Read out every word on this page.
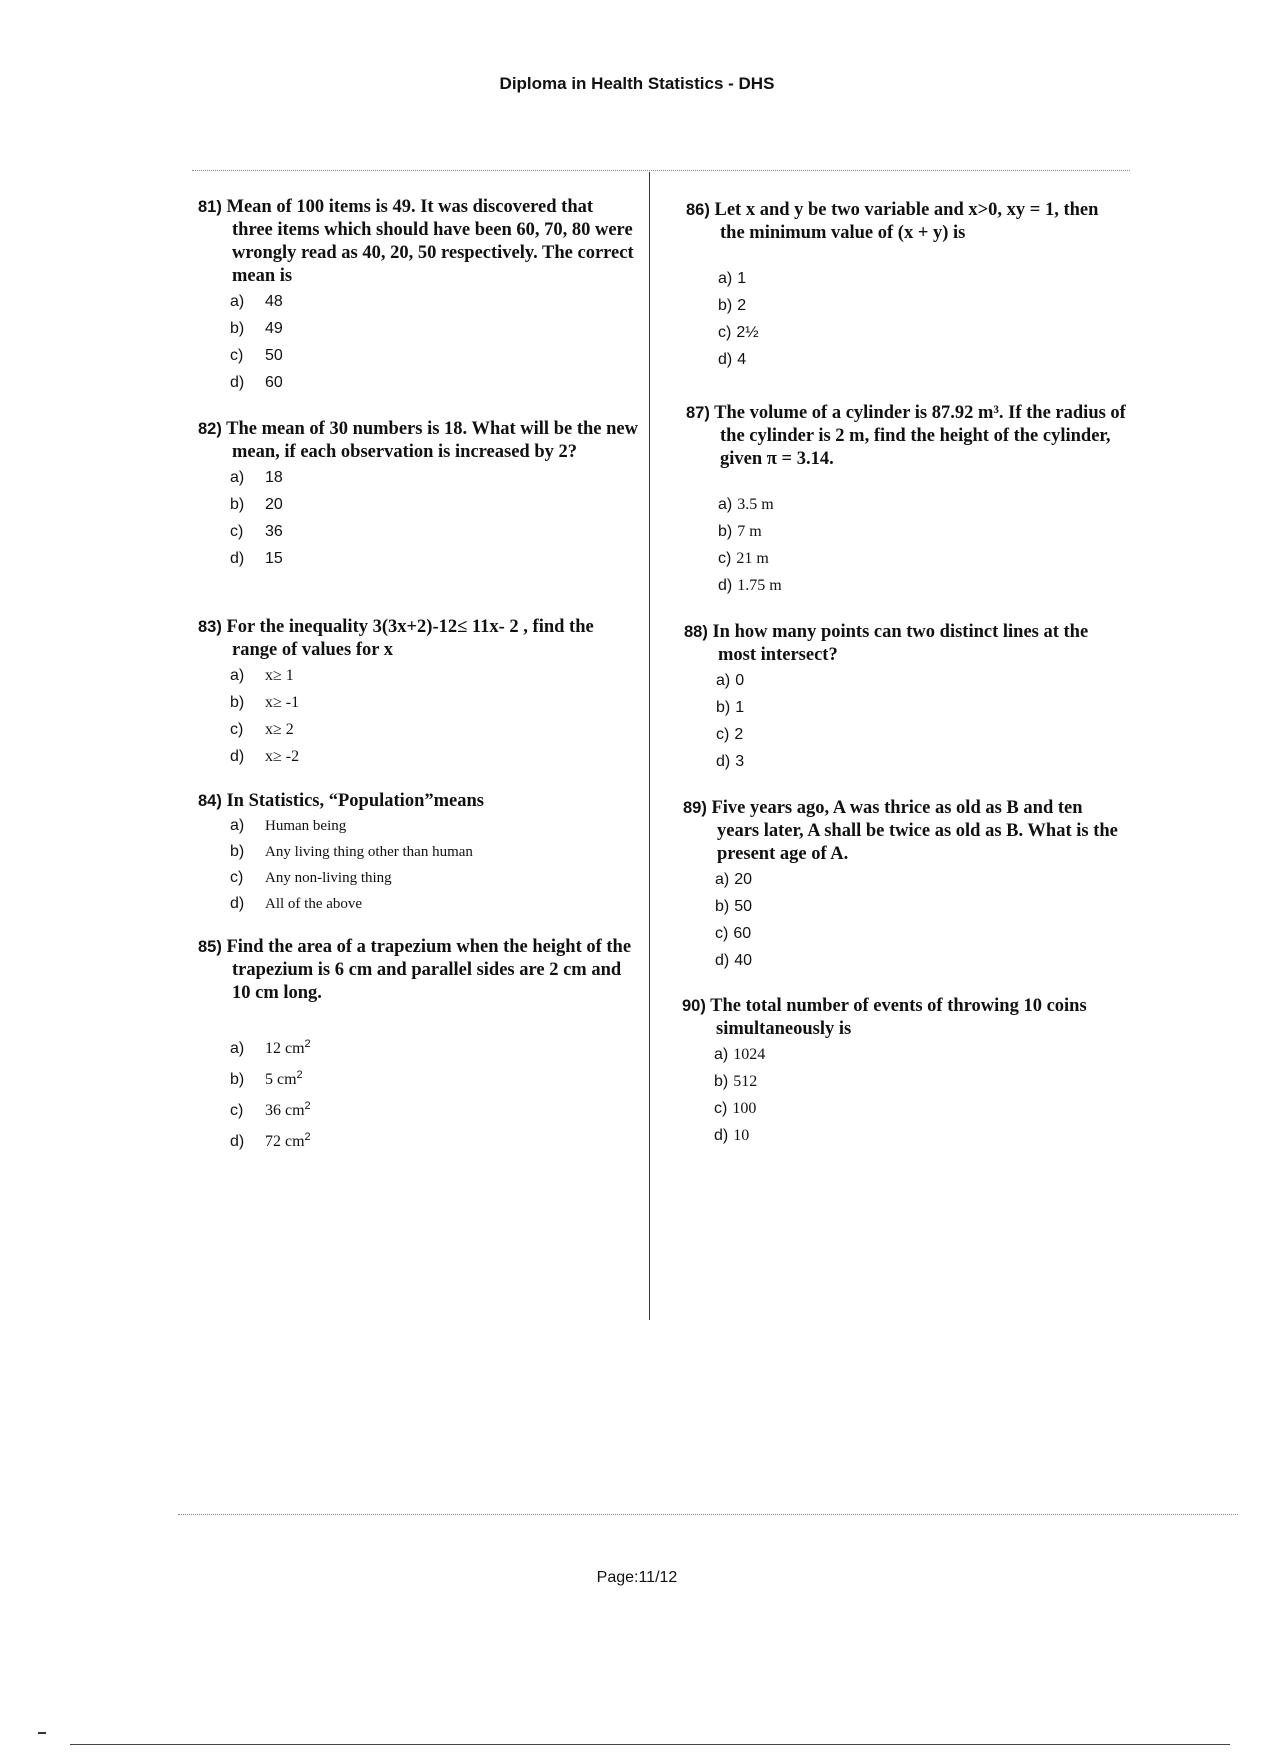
Diploma in Health Statistics - DHS

81) Mean of 100 items is 49. It was discovered that three items which should have been 60, 70, 80 were wrongly read as 40, 20, 50 respectively. The correct mean is

a) 48
b) 49
c) 50
d) 60

82) The mean of 30 numbers is 18. What will be the new mean, if each observation is increased by 2?

a) 18
b) 20
c) 36
d) 15

83) For the inequality 3(3x+2)-12≤ 11x- 2 , find the range of values for x

a) x≥ 1
b) x≥ -1
c) x≥ 2
d) x≥ -2

84) In Statistics, “Population”means

a) Human being
b) Any living thing other than human
c) Any non-living thing
d) All of the above

85) Find the area of a trapezium when the height of the trapezium is 6 cm and parallel sides are 2 cm and 10 cm long.

a) 12 $cm^2$
b) 5 $cm^2$
c) 36 $cm^2$
d) 72 $cm^2$

86) Let x and y be two variable and x>0, xy = 1, then the minimum value of (x + y) is

a) 1
b) 2
c) 2½
d) 4

87) The volume of a cylinder is 87.92 m³. If the radius of the cylinder is 2 m, find the height of the cylinder, given π = 3.14.

a) 3.5 m
b) 7 m
c) 21 m
d) 1.75 m

88) In how many points can two distinct lines at the most intersect?

a) 0
b) 1
c) 2
d) 3

89) Five years ago, A was thrice as old as B and ten years later, A shall be twice as old as B. What is the present age of A.

a) 20
b) 50
c) 60
d) 40

90) The total number of events of throwing 10 coins simultaneously is

a) 1024
b) 512
c) 100
d) 10
Page:11/12
